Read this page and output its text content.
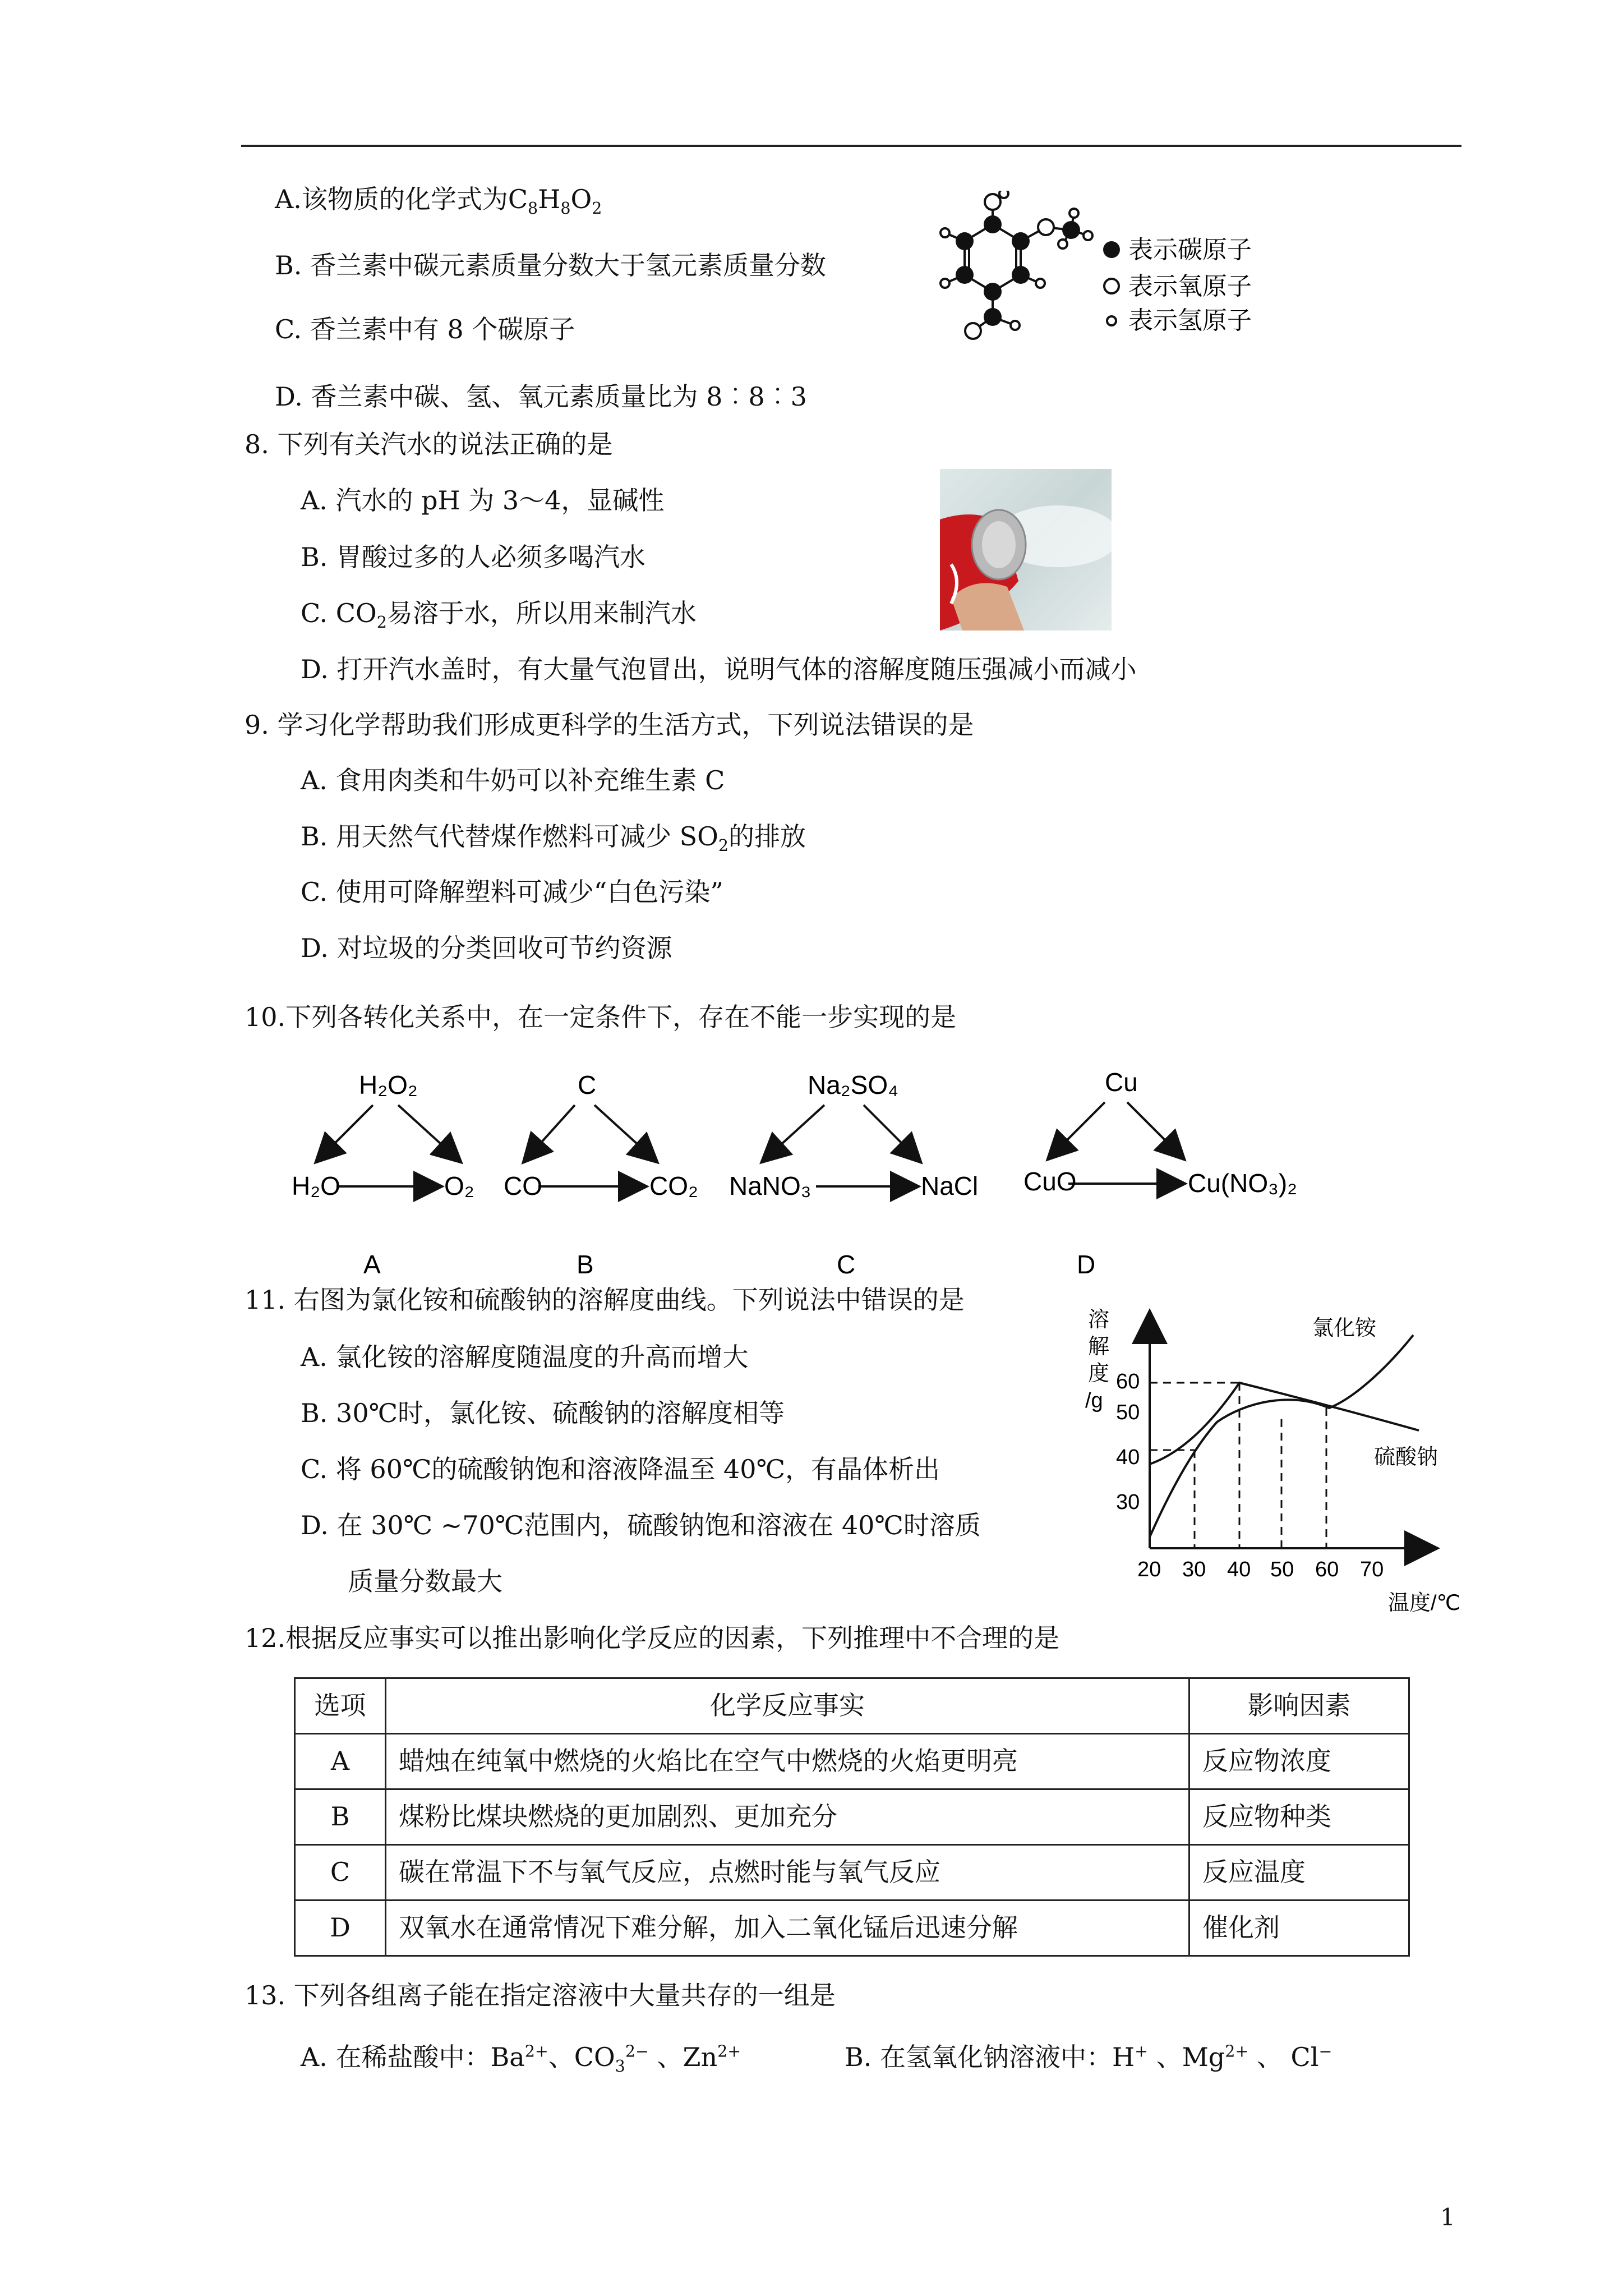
A.该物质的化学式为$C_8H_8O_2$
B. 香兰素中碳元素质量分数大于氢元素质量分数
C. 香兰素中有 8 个碳原子
D. 香兰素中碳、氢、氧元素质量比为 8︰8︰3
表示碳原子
表示氧原子
表示氢原子
8. 下列有关汽水的说法正确的是
A. 汽水的 pH 为 3～4，显碱性
B. 胃酸过多的人必须多喝汽水
C. $CO_2$易溶于水，所以用来制汽水
D. 打开汽水盖时，有大量气泡冒出，说明气体的溶解度随压强减小而减小
9. 学习化学帮助我们形成更科学的生活方式，下列说法错误的是
A. 食用肉类和牛奶可以补充维生素 C
B. 用天然气代替煤作燃料可减少 $SO_2$的排放
C. 使用可降解塑料可减少“白色污染”
D. 对垃圾的分类回收可节约资源
10.下列各转化关系中，在一定条件下，存在不能一步实现的是
H₂O₂
H₂O	O₂
C
CO	CO₂
Na₂SO₄
NaNO₃	NaCl
Cu
CuO	Cu(NO₃)₂
A	B	C	D
11. 右图为氯化铵和硫酸钠的溶解度曲线。下列说法中错误的是
A. 氯化铵的溶解度随温度的升高而增大
B. 30℃时，氯化铵、硫酸钠的溶解度相等
C. 将 60℃的硫酸钠饱和溶液降温至 40℃，有晶体析出
D. 在 30℃ ~70℃范围内，硫酸钠饱和溶液在 40℃时溶质
质量分数最大
溶
解
度
/g
30
40
50
60
20 30 40 50 60 70
温度/℃
氯化铵
硫酸钠
12.根据反应事实可以推出影响化学反应的因素，下列推理中不合理的是
选项	化学反应事实	影响因素
A	蜡烛在纯氧中燃烧的火焰比在空气中燃烧的火焰更明亮	反应物浓度
B	煤粉比煤块燃烧的更加剧烈、更加充分	反应物种类
C	碳在常温下不与氧气反应，点燃时能与氧气反应	反应温度
D	双氧水在通常情况下难分解，加入二氧化锰后迅速分解	催化剂
13. 下列各组离子能在指定溶液中大量共存的一组是
A. 在稀盐酸中：$Ba^{2+}$、$CO_3^{2-}$ 、$Zn^{2+}$	B. 在氢氧化钠溶液中：H+ 、$Mg^{2+}$ 、 Cl−
1
